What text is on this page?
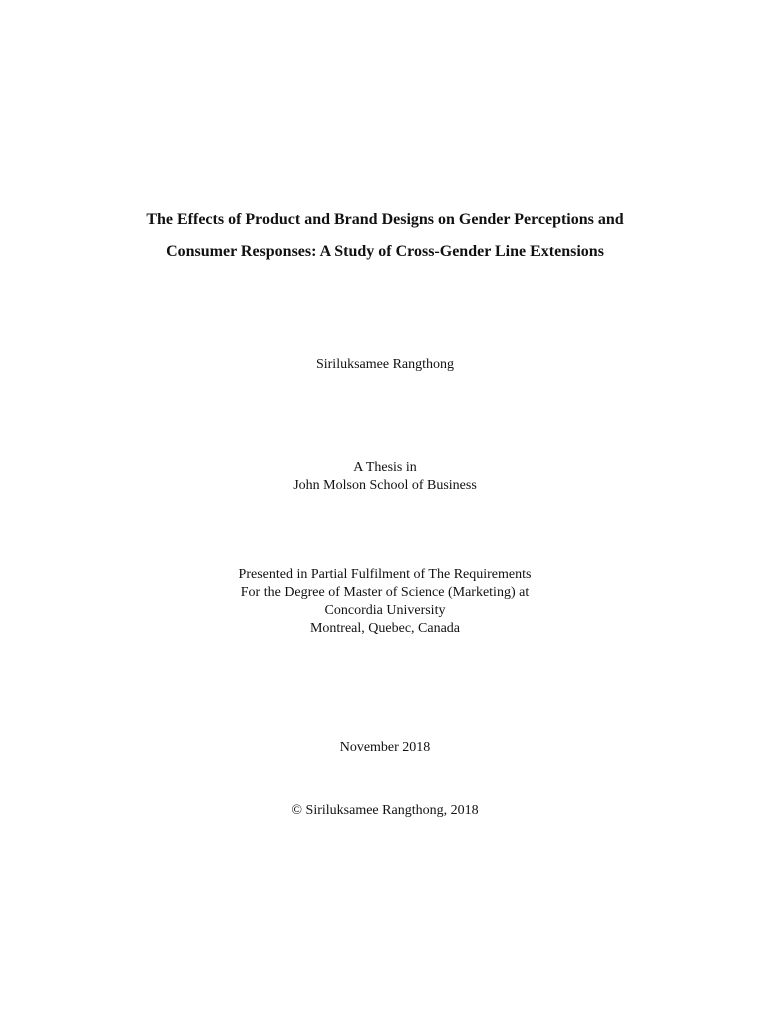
The Effects of Product and Brand Designs on Gender Perceptions and
Consumer Responses: A Study of Cross-Gender Line Extensions
Siriluksamee Rangthong
A Thesis in
John Molson School of Business
Presented in Partial Fulfilment of The Requirements
For the Degree of Master of Science (Marketing) at
Concordia University
Montreal, Quebec, Canada
November 2018
© Siriluksamee Rangthong, 2018
